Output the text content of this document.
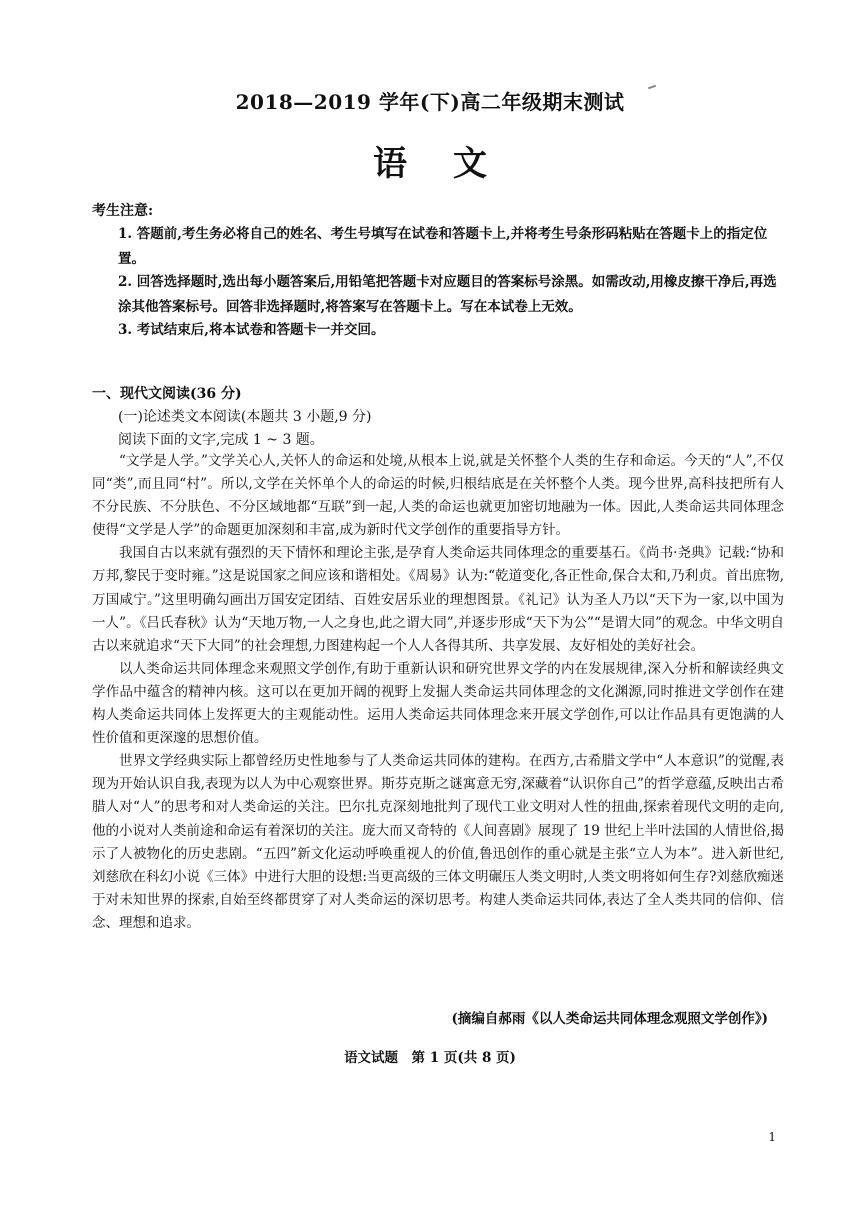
2018—2019 学年(下)高二年级期末测试
语文
考生注意:
1. 答题前,考生务必将自己的姓名、考生号填写在试卷和答题卡上,并将考生号条形码粘贴在答题卡上的指定位置。
2. 回答选择题时,选出每小题答案后,用铅笔把答题卡对应题目的答案标号涂黑。如需改动,用橡皮擦干净后,再选涂其他答案标号。回答非选择题时,将答案写在答题卡上。写在本试卷上无效。
3. 考试结束后,将本试卷和答题卡一并交回。
一、现代文阅读(36 分)
(一)论述类文本阅读(本题共 3 小题,9 分)
阅读下面的文字,完成 1 ~ 3 题。

“文学是人学。”文学关心人,关怀人的命运和处境,从根本上说,就是关怀整个人类的生存和命运。今天的“人”,不仅同“类”,而且同“村”。所以,文学在关怀单个人的命运的时候,归根结底是在关怀整个人类。现今世界,高科技把所有人不分民族、不分肤色、不分区域地都“互联”到一起,人类的命运也就更加密切地融为一体。因此,人类命运共同体理念使得“文学是人学”的命题更加深刻和丰富,成为新时代文学创作的重要指导方针。

我国自古以来就有强烈的天下情怀和理论主张,是孕育人类命运共同体理念的重要基石。《尚书·尧典》记载:“协和万邦,黎民于变时雍。”这是说国家之间应该和谐相处。《周易》认为:“乾道变化,各正性命,保合太和,乃利贞。首出庶物,万国咸宁。”这里明确勾画出万国安定团结、百姓安居乐业的理想图景。《礼记》认为圣人乃以“天下为一家,以中国为一人”。《吕氏春秋》认为“天地万物,一人之身也,此之谓大同”,并逐步形成“天下为公”“是谓大同”的观念。中华文明自古以来就追求“天下大同”的社会理想,力图建构起一个人人各得其所、共享发展、友好相处的美好社会。

以人类命运共同体理念来观照文学创作,有助于重新认识和研究世界文学的内在发展规律,深入分析和解读经典文学作品中蕴含的精神内核。这可以在更加开阔的视野上发掘人类命运共同体理念的文化渊源,同时推进文学创作在建构人类命运共同体上发挥更大的主观能动性。运用人类命运共同体理念来开展文学创作,可以让作品具有更饱满的人性价值和更深邃的思想价值。

世界文学经典实际上都曾经历史性地参与了人类命运共同体的建构。在西方,古希腊文学中“人本意识”的觉醒,表现为开始认识自我,表现为以人为中心观察世界。斯芬克斯之谜寓意无穷,深藏着“认识你自己”的哲学意蕴,反映出古希腊人对“人”的思考和对人类命运的关注。巴尔扎克深刻地批判了现代工业文明对人性的扭曲,探索着现代文明的走向,他的小说对人类前途和命运有着深切的关注。庞大而又奇特的《人间喜剧》展现了 19 世纪上半叶法国的人情世俗,揭示了人被物化的历史悲剧。“五四”新文化运动呼唤重视人的价值,鲁迅创作的重心就是主张“立人为本”。进入新世纪,刘慈欣在科幻小说《三体》中进行大胆的设想:当更高级的三体文明碾压人类文明时,人类文明将如何生存?刘慈欣痴迷于对未知世界的探索,自始至终都贯穿了对人类命运的深切思考。构建人类命运共同体,表达了全人类共同的信仰、信念、理想和追求。

(摘编自郝雨《以人类命运共同体理念观照文学创作》)
语文试题　第 1 页(共 8 页)
1
